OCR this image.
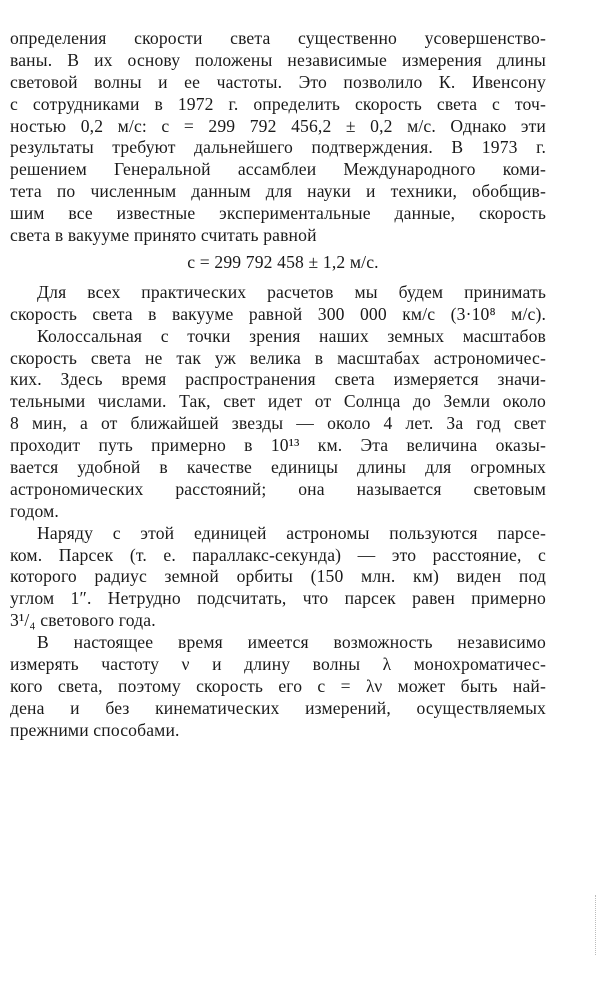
определения скорости света существенно усовершенство-
ваны. В их основу положены независимые измерения длины
световой волны и ее частоты. Это позволило К. Ивенсону
с сотрудниками в 1972 г. определить скорость света с точ-
ностью 0,2 м/с: c = 299 792 456,2 ± 0,2 м/с. Однако эти
результаты требуют дальнейшего подтверждения. В 1973 г.
решением Генеральной ассамблеи Международного коми-
тета по численным данным для науки и техники, обобщив-
шим все известные экспериментальные данные, скорость
света в вакууме принято считать равной
c = 299 792 458 ± 1,2 м/с.
Для всех практических расчетов мы будем принимать
скорость света в вакууме равной 300 000 км/с (3·10⁸ м/с).
Колоссальная с точки зрения наших земных масштабов
скорость света не так уж велика в масштабах астрономичес-
ких. Здесь время распространения света измеряется значи-
тельными числами. Так, свет идет от Солнца до Земли около
8 мин, а от ближайшей звезды — около 4 лет. За год свет
проходит путь примерно в 10¹³ км. Эта величина оказы-
вается удобной в качестве единицы длины для огромных
астрономических расстояний; она называется световым
годом.
Наряду с этой единицей астрономы пользуются парсе-
ком. Парсек (т. е. параллакс-секунда) — это расстояние, с
которого радиус земной орбиты (150 млн. км) виден под
углом 1″. Нетрудно подсчитать, что парсек равен примерно
3¹/₄ светового года.
В настоящее время имеется возможность независимо
измерять частоту ν и длину волны λ монохроматичес-
кого света, поэтому скорость его c = λν может быть най-
дена и без кинематических измерений, осуществляемых
прежними способами.
